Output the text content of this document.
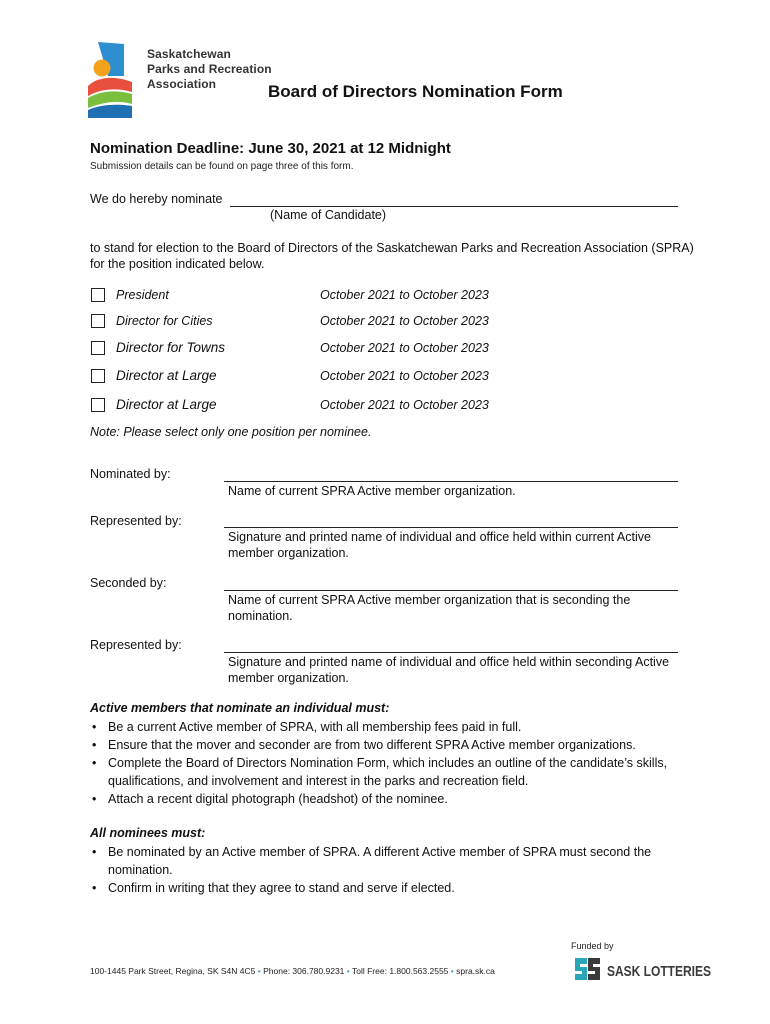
Saskatchewan
Parks and Recreation
Association	Board of Directors Nomination Form
Nomination Deadline: June 30, 2021 at 12 Midnight
Submission details can be found on page three of this form.
We do hereby nominate
(Name of Candidate)
to stand for election to the Board of Directors of the Saskatchewan Parks and Recreation Association (SPRA)
for the position indicated below.
President	October 2021 to October 2023
Director for Cities	October 2021 to October 2023
Director for Towns	October 2021 to October 2023
Director at Large	October 2021 to October 2023
Director at Large	October 2021 to October 2023
Note: Please select only one position per nominee.
Nominated by:
Name of current SPRA Active member organization.
Represented by:
Signature and printed name of individual and office held within current Active
member organization.
Seconded by:
Name of current SPRA Active member organization that is seconding the
nomination.
Represented by:
Signature and printed name of individual and office held within seconding Active
member organization.
Active members that nominate an individual must:
• Be a current Active member of SPRA, with all membership fees paid in full.
• Ensure that the mover and seconder are from two different SPRA Active member organizations.
• Complete the Board of Directors Nomination Form, which includes an outline of the candidate’s skills,
qualifications, and involvement and interest in the parks and recreation field.
• Attach a recent digital photograph (headshot) of the nominee.
All nominees must:
• Be nominated by an Active member of SPRA. A different Active member of SPRA must second the
nomination.
• Confirm in writing that they agree to stand and serve if elected.
100-1445 Park Street, Regina, SK S4N 4C5 • Phone: 306.780.9231 • Toll Free: 1.800.563.2555 • spra.sk.ca
Funded by
SASK LOTTERIES
